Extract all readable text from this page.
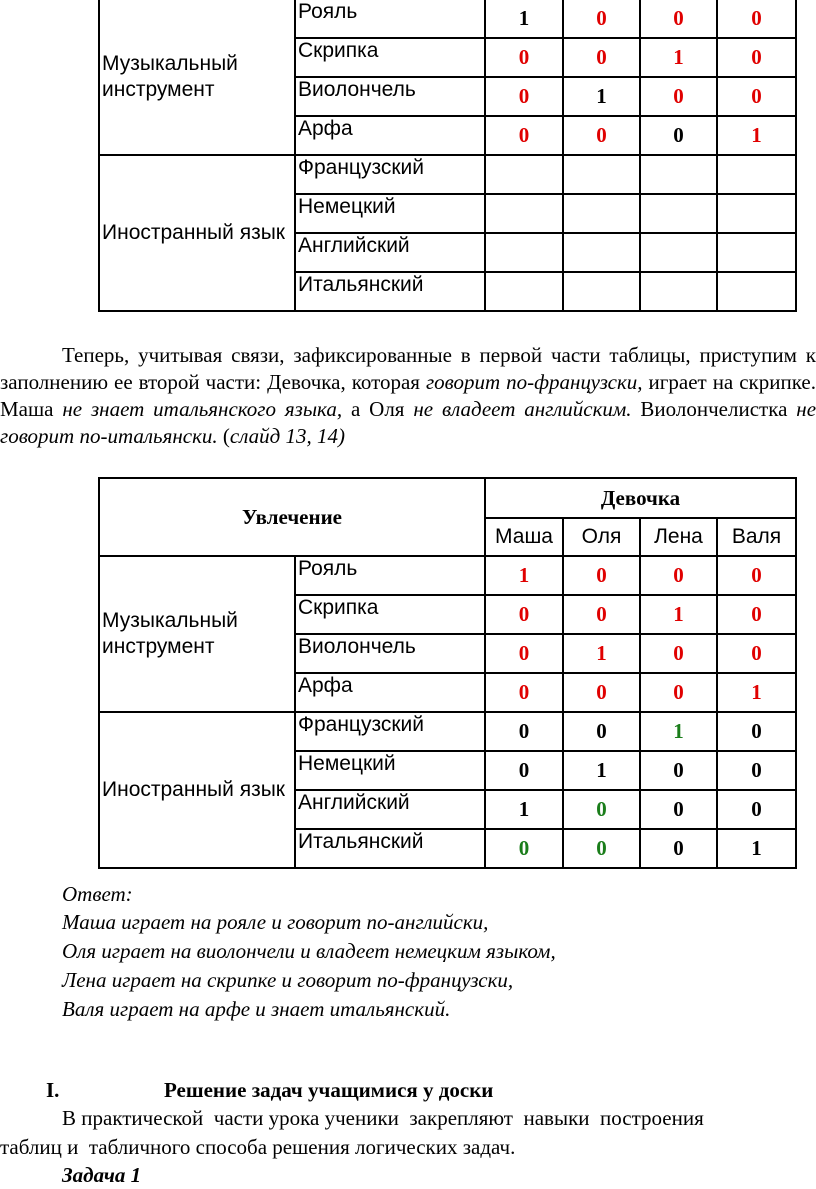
Музыкальный инструмент	Рояль	1	0	0	0
	Скрипка	0	0	1	0
	Виолончель	0	1	0	0
	Арфа	0	0	0	1
Иностранный язык	Французский				
	Немецкий				
	Английский				
	Итальянский				

Теперь, учитывая связи, зафиксированные в первой части таблицы, приступим к заполнению ее второй части: Девочка, которая говорит по-французски, играет на скрипке. Маша не знает итальянского языка, а Оля не владеет английским. Виолончелистка не говорит по-итальянски. (слайд 13, 14)

Увлечение		Девочка			
		Маша	Оля	Лена	Валя
Музыкальный инструмент	Рояль	1	0	0	0
	Скрипка	0	0	1	0
	Виолончель	0	1	0	0
	Арфа	0	0	0	1
Иностранный язык	Французский	0	0	1	0
	Немецкий	0	1	0	0
	Английский	1	0	0	0
	Итальянский	0	0	0	1

Ответ:

Маша играет на рояле и говорит по-английски,

Оля играет на виолончели и владеет немецким языком,

Лена играет на скрипке и говорит по-французски,

Валя играет на арфе и знает итальянский.

I.	Решение задач учащимися у доски

В практической  части урока ученики  закрепляют  навыки  построения

таблиц и  табличного способа решения логических задач.

Задача 1
